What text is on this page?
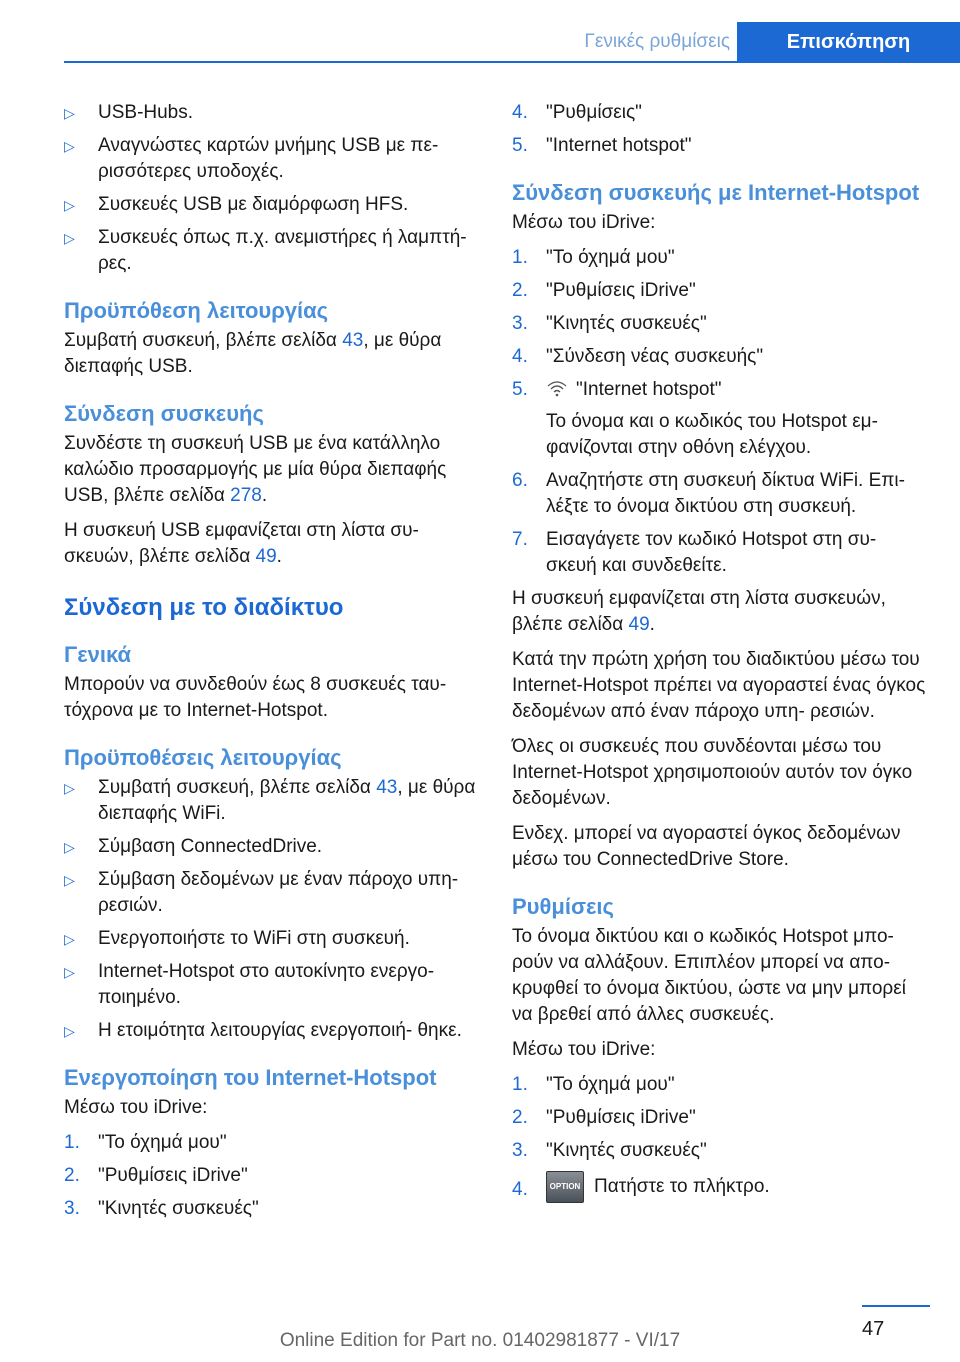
Γενικές ρυθμίσεις	Επισκόπηση
▷ USB-Hubs.
▷ Αναγνώστες καρτών μνήμης USB με πε‐ ρισσότερες υποδοχές.
▷ Συσκευές USB με διαμόρφωση HFS.
▷ Συσκευές όπως π.χ. ανεμιστήρες ή λαμπτή‐ ρες.
Προϋπόθεση λειτουργίας

Συμβατή συσκευή, βλέπε σελίδα 43, με θύρα διεπαφής USB.

Σύνδεση συσκευής

Συνδέστε τη συσκευή USB με ένα κατάλληλο καλώδιο προσαρμογής με μία θύρα διεπαφής USB, βλέπε σελίδα 278.

Η συσκευή USB εμφανίζεται στη λίστα συ‐ σκευών, βλέπε σελίδα 49.

Σύνδεση με το διαδίκτυο
Γενικά

Μπορούν να συνδεθούν έως 8 συσκευές ταυ‐ τόχρονα με το Internet-Hotspot.

Προϋποθέσεις λειτουργίας
▷ Συμβατή συσκευή, βλέπε σελίδα 43, με θύρα διεπαφής WiFi.
▷ Σύμβαση ConnectedDrive.
▷ Σύμβαση δεδομένων με έναν πάροχο υπη‐ ρεσιών.
▷ Ενεργοποιήστε το WiFi στη συσκευή.
▷ Internet-Hotspot στο αυτοκίνητο ενεργο‐ ποιημένο.
▷ Η ετοιμότητα λειτουργίας ενεργοποιή‐ θηκε.
Ενεργοποίηση του Internet-Hotspot

Μέσω του iDrive:

1. "Το όχημά μου"
2. "Ρυθμίσεις iDrive"
3. "Κινητές συσκευές"
4. "Ρυθμίσεις"
5. "Internet hotspot"
Σύνδεση συσκευής με Internet-Hotspot

Μέσω του iDrive:

1. "Το όχημά μου"
2. "Ρυθμίσεις iDrive"
3. "Κινητές συσκευές"
4. "Σύνδεση νέας συσκευής"
5.	"Internet hotspot"
Το όνομα και ο κωδικός του Hotspot εμ‐ φανίζονται στην οθόνη ελέγχου.
6. Αναζητήστε στη συσκευή δίκτυα WiFi. Επι‐ λέξτε το όνομα δικτύου στη συσκευή.
7. Εισαγάγετε τον κωδικό Hotspot στη συ‐ σκευή και συνδεθείτε.

Η συσκευή εμφανίζεται στη λίστα συσκευών, βλέπε σελίδα 49.

Κατά την πρώτη χρήση του διαδικτύου μέσω του Internet-Hotspot πρέπει να αγοραστεί ένας όγκος δεδομένων από έναν πάροχο υπη‐ ρεσιών.

Όλες οι συσκευές που συνδέονται μέσω του Internet-Hotspot χρησιμοποιούν αυτόν τον όγκο δεδομένων.

Ενδεχ. μπορεί να αγοραστεί όγκος δεδομένων μέσω του ConnectedDrive Store.

Ρυθμίσεις

Το όνομα δικτύου και ο κωδικός Hotspot μπο‐ ρούν να αλλάξουν. Επιπλέον μπορεί να απο‐ κρυφθεί το όνομα δικτύου, ώστε να μην μπορεί να βρεθεί από άλλες συσκευές.

Μέσω του iDrive:

1. "Το όχημά μου"
2. "Ρυθμίσεις iDrive"
3. "Κινητές συσκευές"
4.	OPTION Πατήστε το πλήκτρο.
47
Online Edition for Part no. 01402981877 - VI/17
